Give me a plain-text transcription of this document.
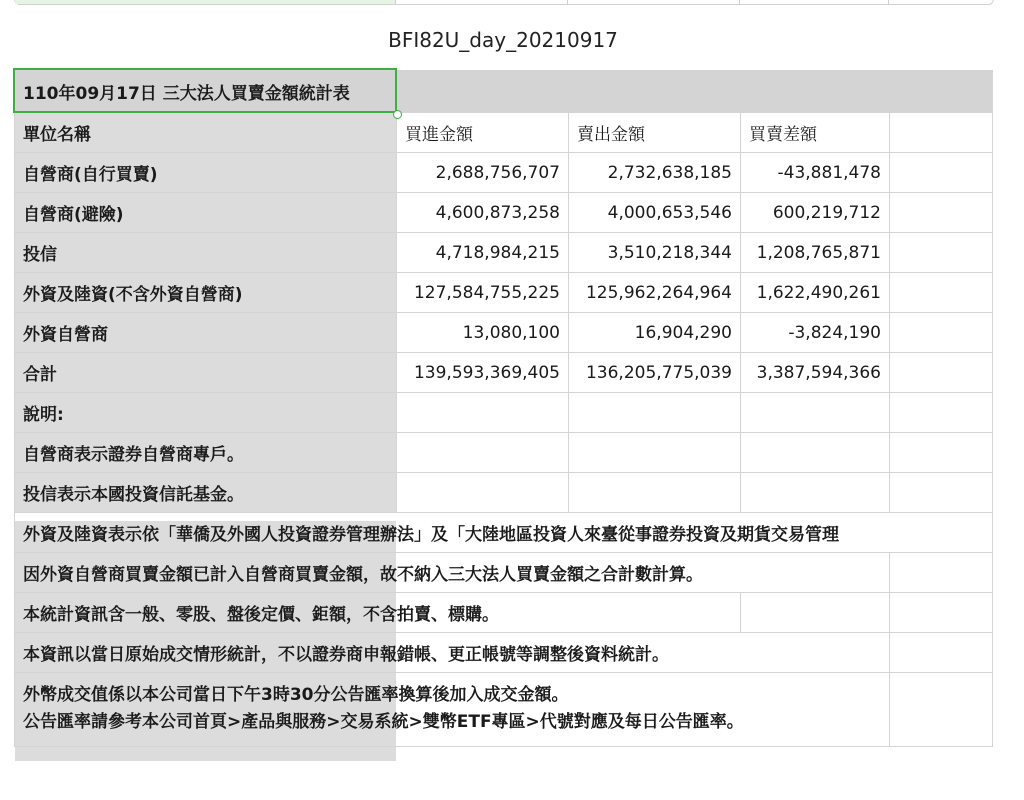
BFI82U_day_20210917
110年09月17日 三大法人買賣金額統計表				
單位名稱	買進金額	賣出金額	買賣差額	
自營商(自行買賣)	2,688,756,707	2,732,638,185	-43,881,478	
自營商(避險)	4,600,873,258	4,000,653,546	600,219,712	
投信	4,718,984,215	3,510,218,344	1,208,765,871	
外資及陸資(不含外資自營商)	127,584,755,225	125,962,264,964	1,622,490,261	
外資自營商	13,080,100	16,904,290	-3,824,190	
合計	139,593,369,405	136,205,775,039	3,387,594,366	
說明:				
自營商表示證券自營商專戶。				
投信表示本國投資信託基金。				
外資及陸資表示依「華僑及外國人投資證券管理辦法」及「大陸地區投資人來臺從事證券投資及期貨交易管理				
因外資自營商買賣金額已計入自營商買賣金額，故不納入三大法人買賣金額之合計數計算。				
本統計資訊含一般、零股、盤後定價、鉅額，不含拍賣、標購。				
本資訊以當日原始成交情形統計，不以證券商申報錯帳、更正帳號等調整後資料統計。				

外幣成交值係以本公司當日下午3時30分公告匯率換算後加入成交金額。
公告匯率請參考本公司首頁>產品與服務>交易系統>雙幣ETF專區>代號對應及每日公告匯率。				
